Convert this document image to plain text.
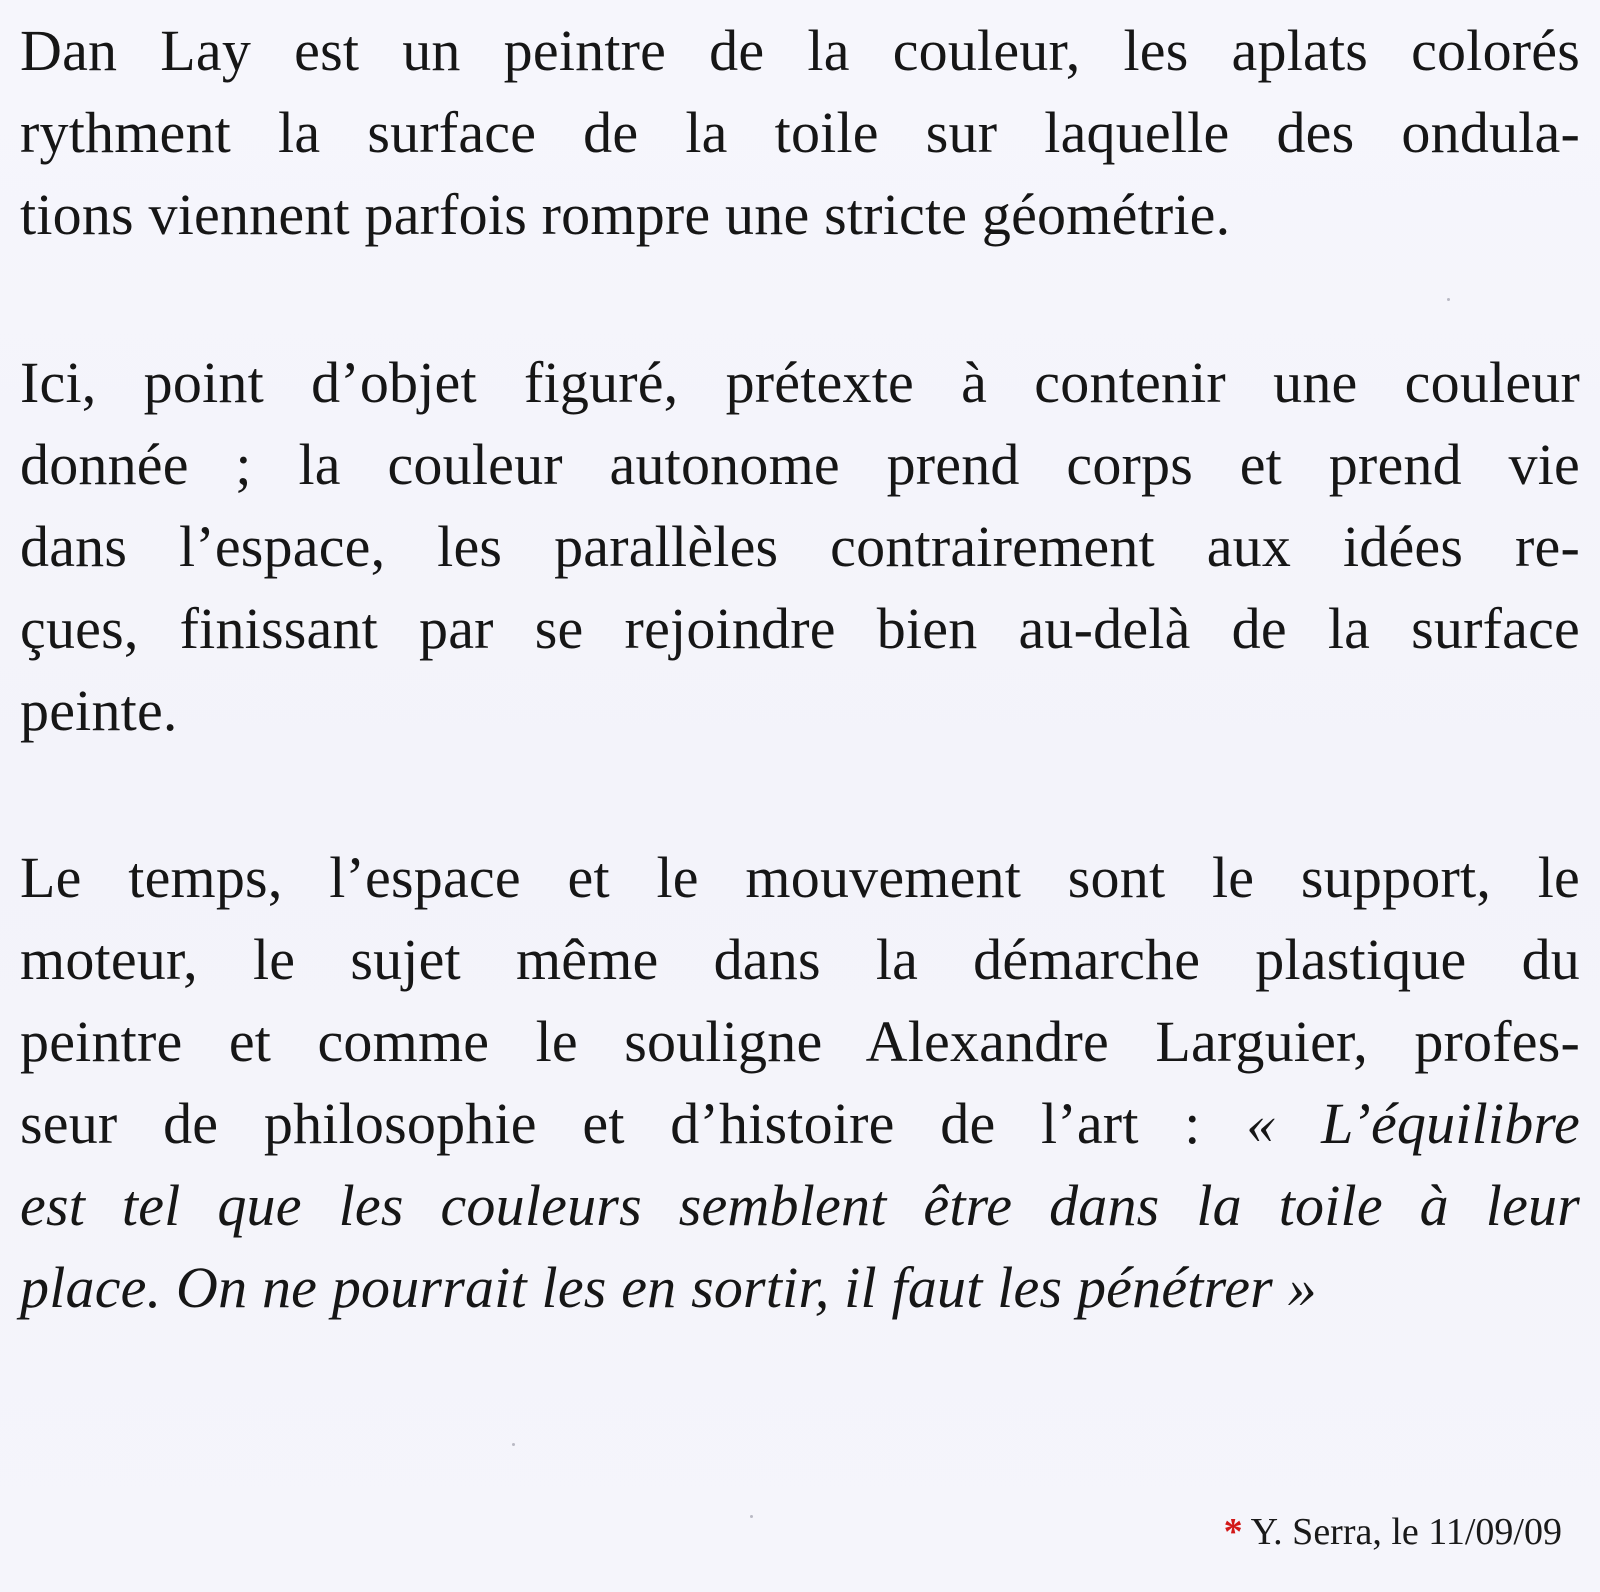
Dan Lay est un peintre de la couleur, les aplats colorés
rythment la surface de la toile sur laquelle des ondula-
tions viennent parfois rompre une stricte géométrie.
Ici, point d’objet figuré, prétexte à contenir une couleur
donnée ; la couleur autonome prend corps et prend vie
dans l’espace, les parallèles contrairement aux idées re-
çues, finissant par se rejoindre bien au-delà de la surface
peinte.
Le temps, l’espace et le mouvement sont le support, le
moteur, le sujet même dans la démarche plastique du
peintre et comme le souligne Alexandre Larguier, profes-
seur de philosophie et d’histoire de l’art : « L’équilibre
est tel que les couleurs semblent être dans la toile à leur
place. On ne pourrait les en sortir, il faut les pénétrer »
* Y. Serra, le 11/09/09
